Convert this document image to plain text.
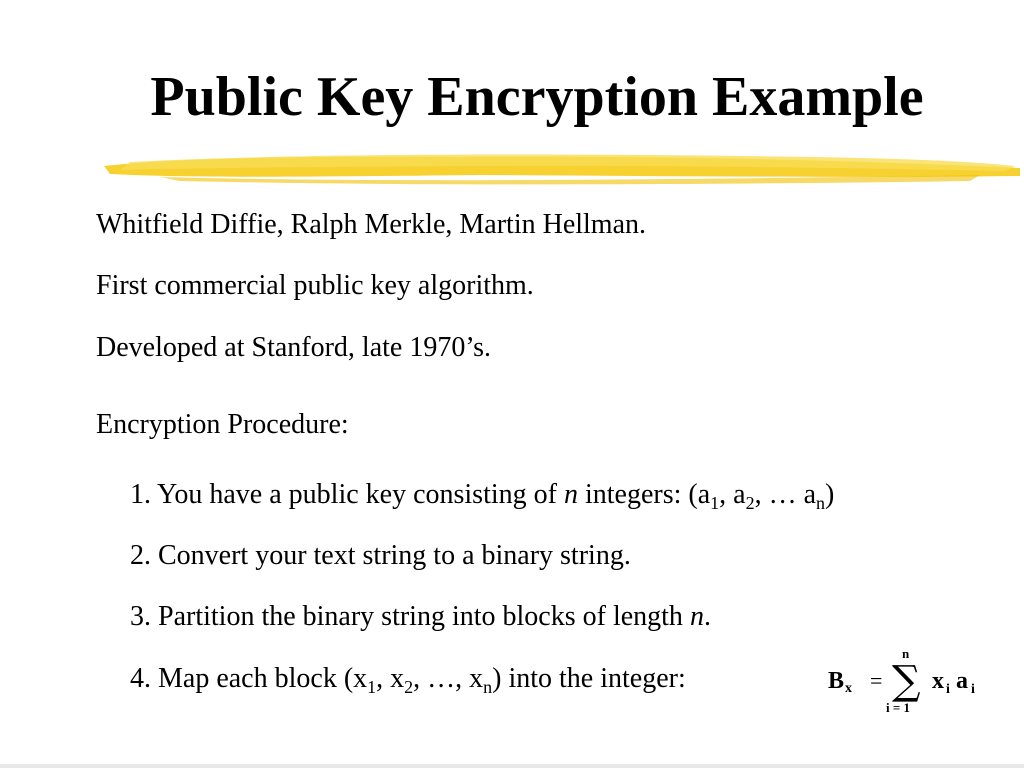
Public Key Encryption Example
Whitfield Diffie, Ralph Merkle, Martin Hellman.
First commercial public key algorithm.
Developed at Stanford, late 1970’s.
Encryption Procedure:
1. You have a public key consisting of n integers: ($a_1$, $a_2$, … $a_n$)
2. Convert your text string to a binary string.
3. Partition the binary string into blocks of length n.
4. Map each block ($x_1$, $x_2$, …, $x_n$) into the integer:	B x = ∑
n
i = 1
x i a i
